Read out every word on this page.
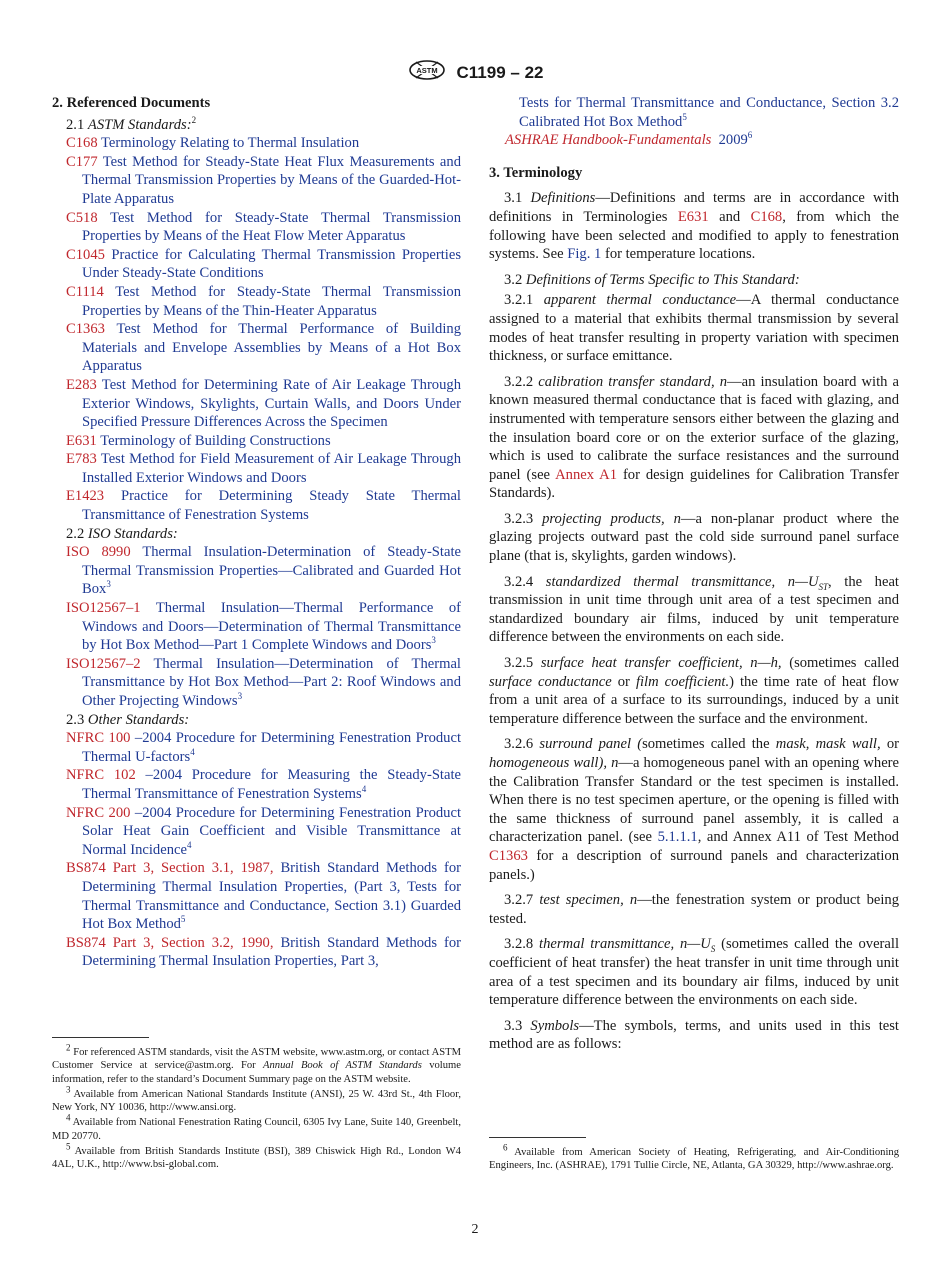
ASTM C1199 – 22
2. Referenced Documents

2.1 ASTM Standards:$^2$

C168 Terminology Relating to Thermal Insulation

C177 Test Method for Steady-State Heat Flux Measurements and Thermal Transmission Properties by Means of the Guarded-Hot-Plate Apparatus

C518 Test Method for Steady-State Thermal Transmission Properties by Means of the Heat Flow Meter Apparatus

C1045 Practice for Calculating Thermal Transmission Properties Under Steady-State Conditions

C1114 Test Method for Steady-State Thermal Transmission Properties by Means of the Thin-Heater Apparatus

C1363 Test Method for Thermal Performance of Building Materials and Envelope Assemblies by Means of a Hot Box Apparatus

E283 Test Method for Determining Rate of Air Leakage Through Exterior Windows, Skylights, Curtain Walls, and Doors Under Specified Pressure Differences Across the Specimen

E631 Terminology of Building Constructions

E783 Test Method for Field Measurement of Air Leakage Through Installed Exterior Windows and Doors

E1423 Practice for Determining Steady State Thermal Transmittance of Fenestration Systems

2.2 ISO Standards:

ISO 8990 Thermal Insulation-Determination of Steady-State Thermal Transmission Properties—Calibrated and Guarded Hot Box$^3$

ISO12567–1 Thermal Insulation—Thermal Performance of Windows and Doors—Determination of Thermal Transmittance by Hot Box Method—Part 1 Complete Windows and Doors$^3$

ISO12567–2 Thermal Insulation—Determination of Thermal Transmittance by Hot Box Method—Part 2: Roof Windows and Other Projecting Windows$^3$

2.3 Other Standards:

NFRC 100 –2004 Procedure for Determining Fenestration Product Thermal U-factors$^4$

NFRC 102 –2004 Procedure for Measuring the Steady-State Thermal Transmittance of Fenestration Systems$^4$

NFRC 200 –2004 Procedure for Determining Fenestration Product Solar Heat Gain Coefficient and Visible Transmittance at Normal Incidence$^4$

BS874 Part 3, Section 3.1, 1987, British Standard Methods for Determining Thermal Insulation Properties, (Part 3, Tests for Thermal Transmittance and Conductance, Section 3.1) Guarded Hot Box Method$^5$

BS874 Part 3, Section 3.2, 1990, British Standard Methods for Determining Thermal Insulation Properties, Part 3,

Tests for Thermal Transmittance and Conductance, Section 3.2 Calibrated Hot Box Method$^5$

ASHRAE Handbook-Fundamentals 2009$^6$

3. Terminology

3.1 Definitions—Definitions and terms are in accordance with definitions in Terminologies E631 and C168, from which the following have been selected and modified to apply to fenestration systems. See Fig. 1 for temperature locations.

3.2 Definitions of Terms Specific to This Standard:

3.2.1 apparent thermal conductance—A thermal conductance assigned to a material that exhibits thermal transmission by several modes of heat transfer resulting in property variation with specimen thickness, or surface emittance.

3.2.2 calibration transfer standard, n—an insulation board with a known measured thermal conductance that is faced with glazing, and instrumented with temperature sensors either between the glazing and the insulation board core or on the exterior surface of the glazing, which is used to calibrate the surface resistances and the surround panel (see Annex A1 for design guidelines for Calibration Transfer Standards).

3.2.3 projecting products, n—a non-planar product where the glazing projects outward past the cold side surround panel surface plane (that is, skylights, garden windows).

3.2.4 standardized thermal transmittance, $n—U_{ST}$, the heat transmission in unit time through unit area of a test specimen and standardized boundary air films, induced by unit temperature difference between the environments on each side.

3.2.5 surface heat transfer coefficient, n—h, (sometimes called surface conductance or film coefficient.) the time rate of heat flow from a unit area of a surface to its surroundings, induced by a unit temperature difference between the surface and the environment.

3.2.6 surround panel (sometimes called the mask, mask wall, or homogeneous wall), n—a homogeneous panel with an opening where the Calibration Transfer Standard or the test specimen is installed. When there is no test specimen aperture, or the opening is filled with the same thickness of surround panel assembly, it is called a characterization panel. (see 5.1.1.1, and Annex A11 of Test Method C1363 for a description of surround panels and characterization panels.)

3.2.7 test specimen, n—the fenestration system or product being tested.

3.2.8 thermal transmittance, $n—U_S$ (sometimes called the overall coefficient of heat transfer) the heat transfer in unit time through unit area of a test specimen and its boundary air films, induced by unit temperature difference between the environments on each side.

3.3 Symbols—The symbols, terms, and units used in this test method are as follows:

$^2$ For referenced ASTM standards, visit the ASTM website, www.astm.org, or contact ASTM Customer Service at service@astm.org. For Annual Book of ASTM Standards volume information, refer to the standard’s Document Summary page on the ASTM website.

$^3$ Available from American National Standards Institute (ANSI), 25 W. 43rd St., 4th Floor, New York, NY 10036, http://www.ansi.org.

$^4$ Available from National Fenestration Rating Council, 6305 Ivy Lane, Suite 140, Greenbelt, MD 20770.

$^5$ Available from British Standards Institute (BSI), 389 Chiswick High Rd., London W4 4AL, U.K., http://www.bsi-global.com.

$^6$ Available from American Society of Heating, Refrigerating, and Air-Conditioning Engineers, Inc. (ASHRAE), 1791 Tullie Circle, NE, Atlanta, GA 30329, http://www.ashrae.org.

2
